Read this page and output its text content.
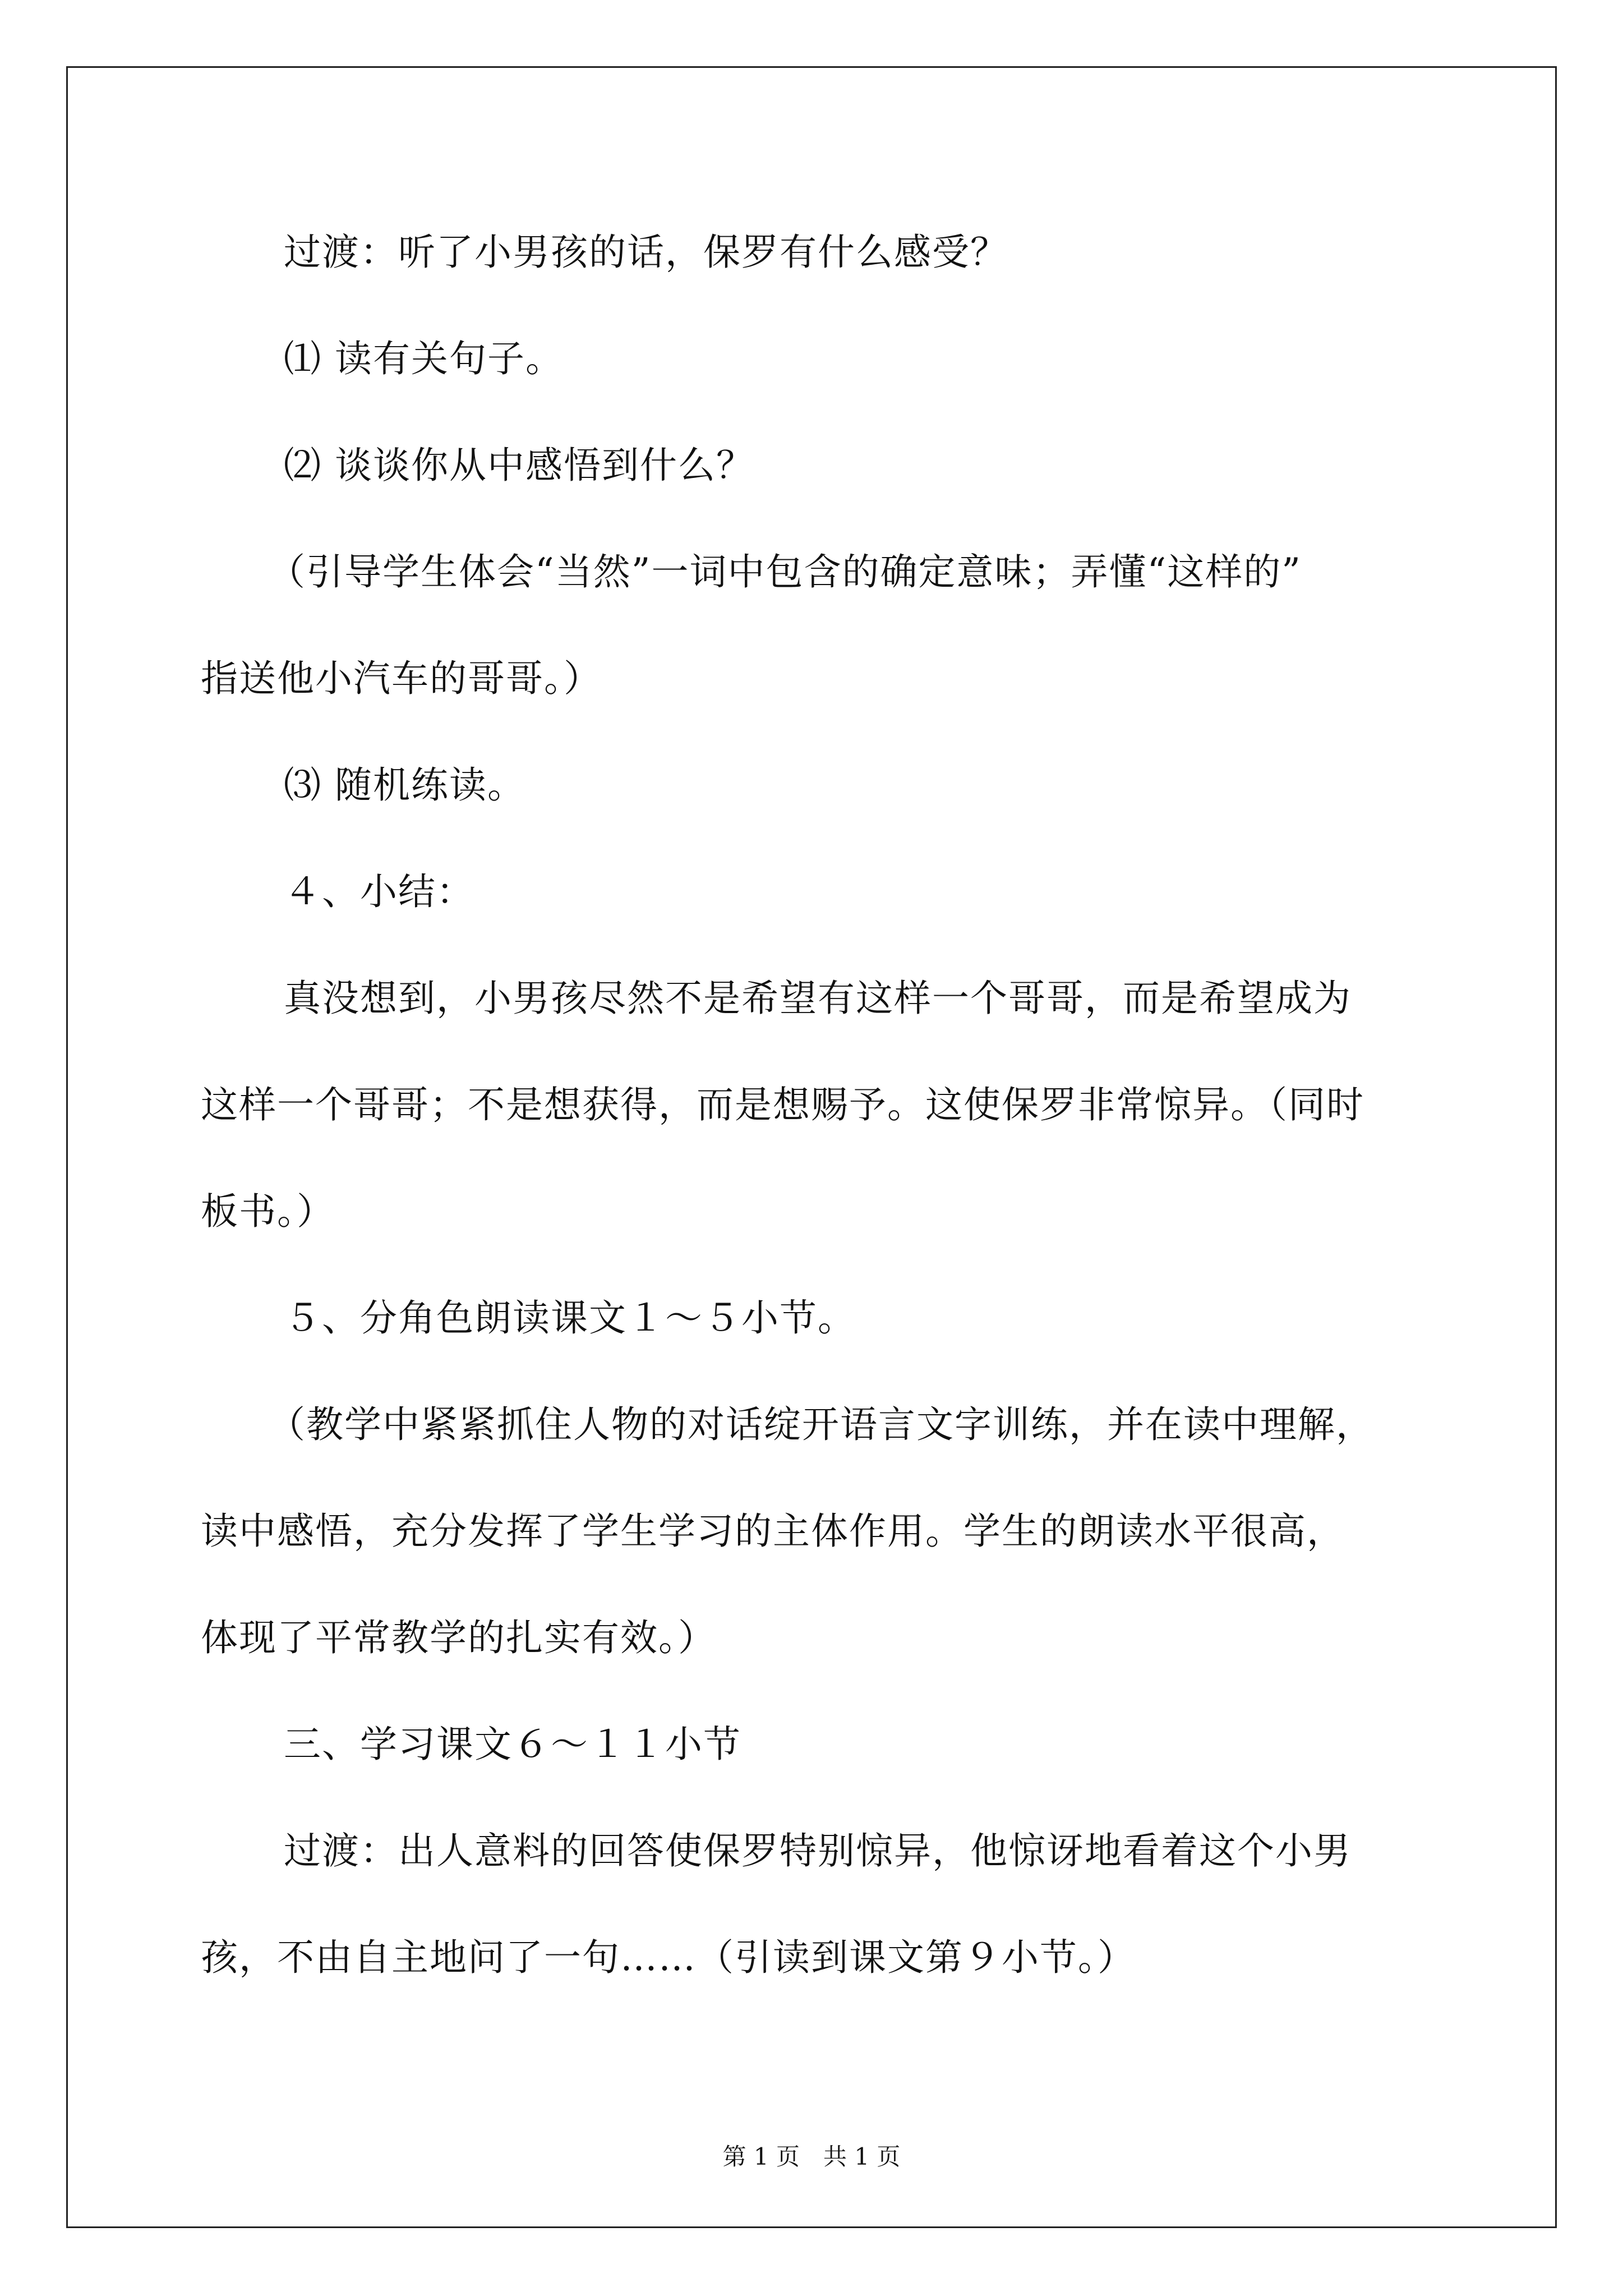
过渡：听了小男孩的话，保罗有什么感受？
⑴ 读有关句子。
⑵ 谈谈你从中感悟到什么？
（引导学生体会“当然”一词中包含的确定意味；弄懂“这样的”
指送他小汽车的哥哥。）
⑶ 随机练读。
４、小结：
真没想到，小男孩尽然不是希望有这样一个哥哥，而是希望成为
这样一个哥哥；不是想获得，而是想赐予。这使保罗非常惊异。（同时
板书。）
５、分角色朗读课文１～５小节。
（教学中紧紧抓住人物的对话绽开语言文字训练，并在读中理解，
读中感悟，充分发挥了学生学习的主体作用。学生的朗读水平很高，
体现了平常教学的扎实有效。）
三、学习课文６～１１小节
过渡：出人意料的回答使保罗特别惊异，他惊讶地看着这个小男
孩，不由自主地问了一句……（引读到课文第９小节。）
第 1 页　共 1 页
